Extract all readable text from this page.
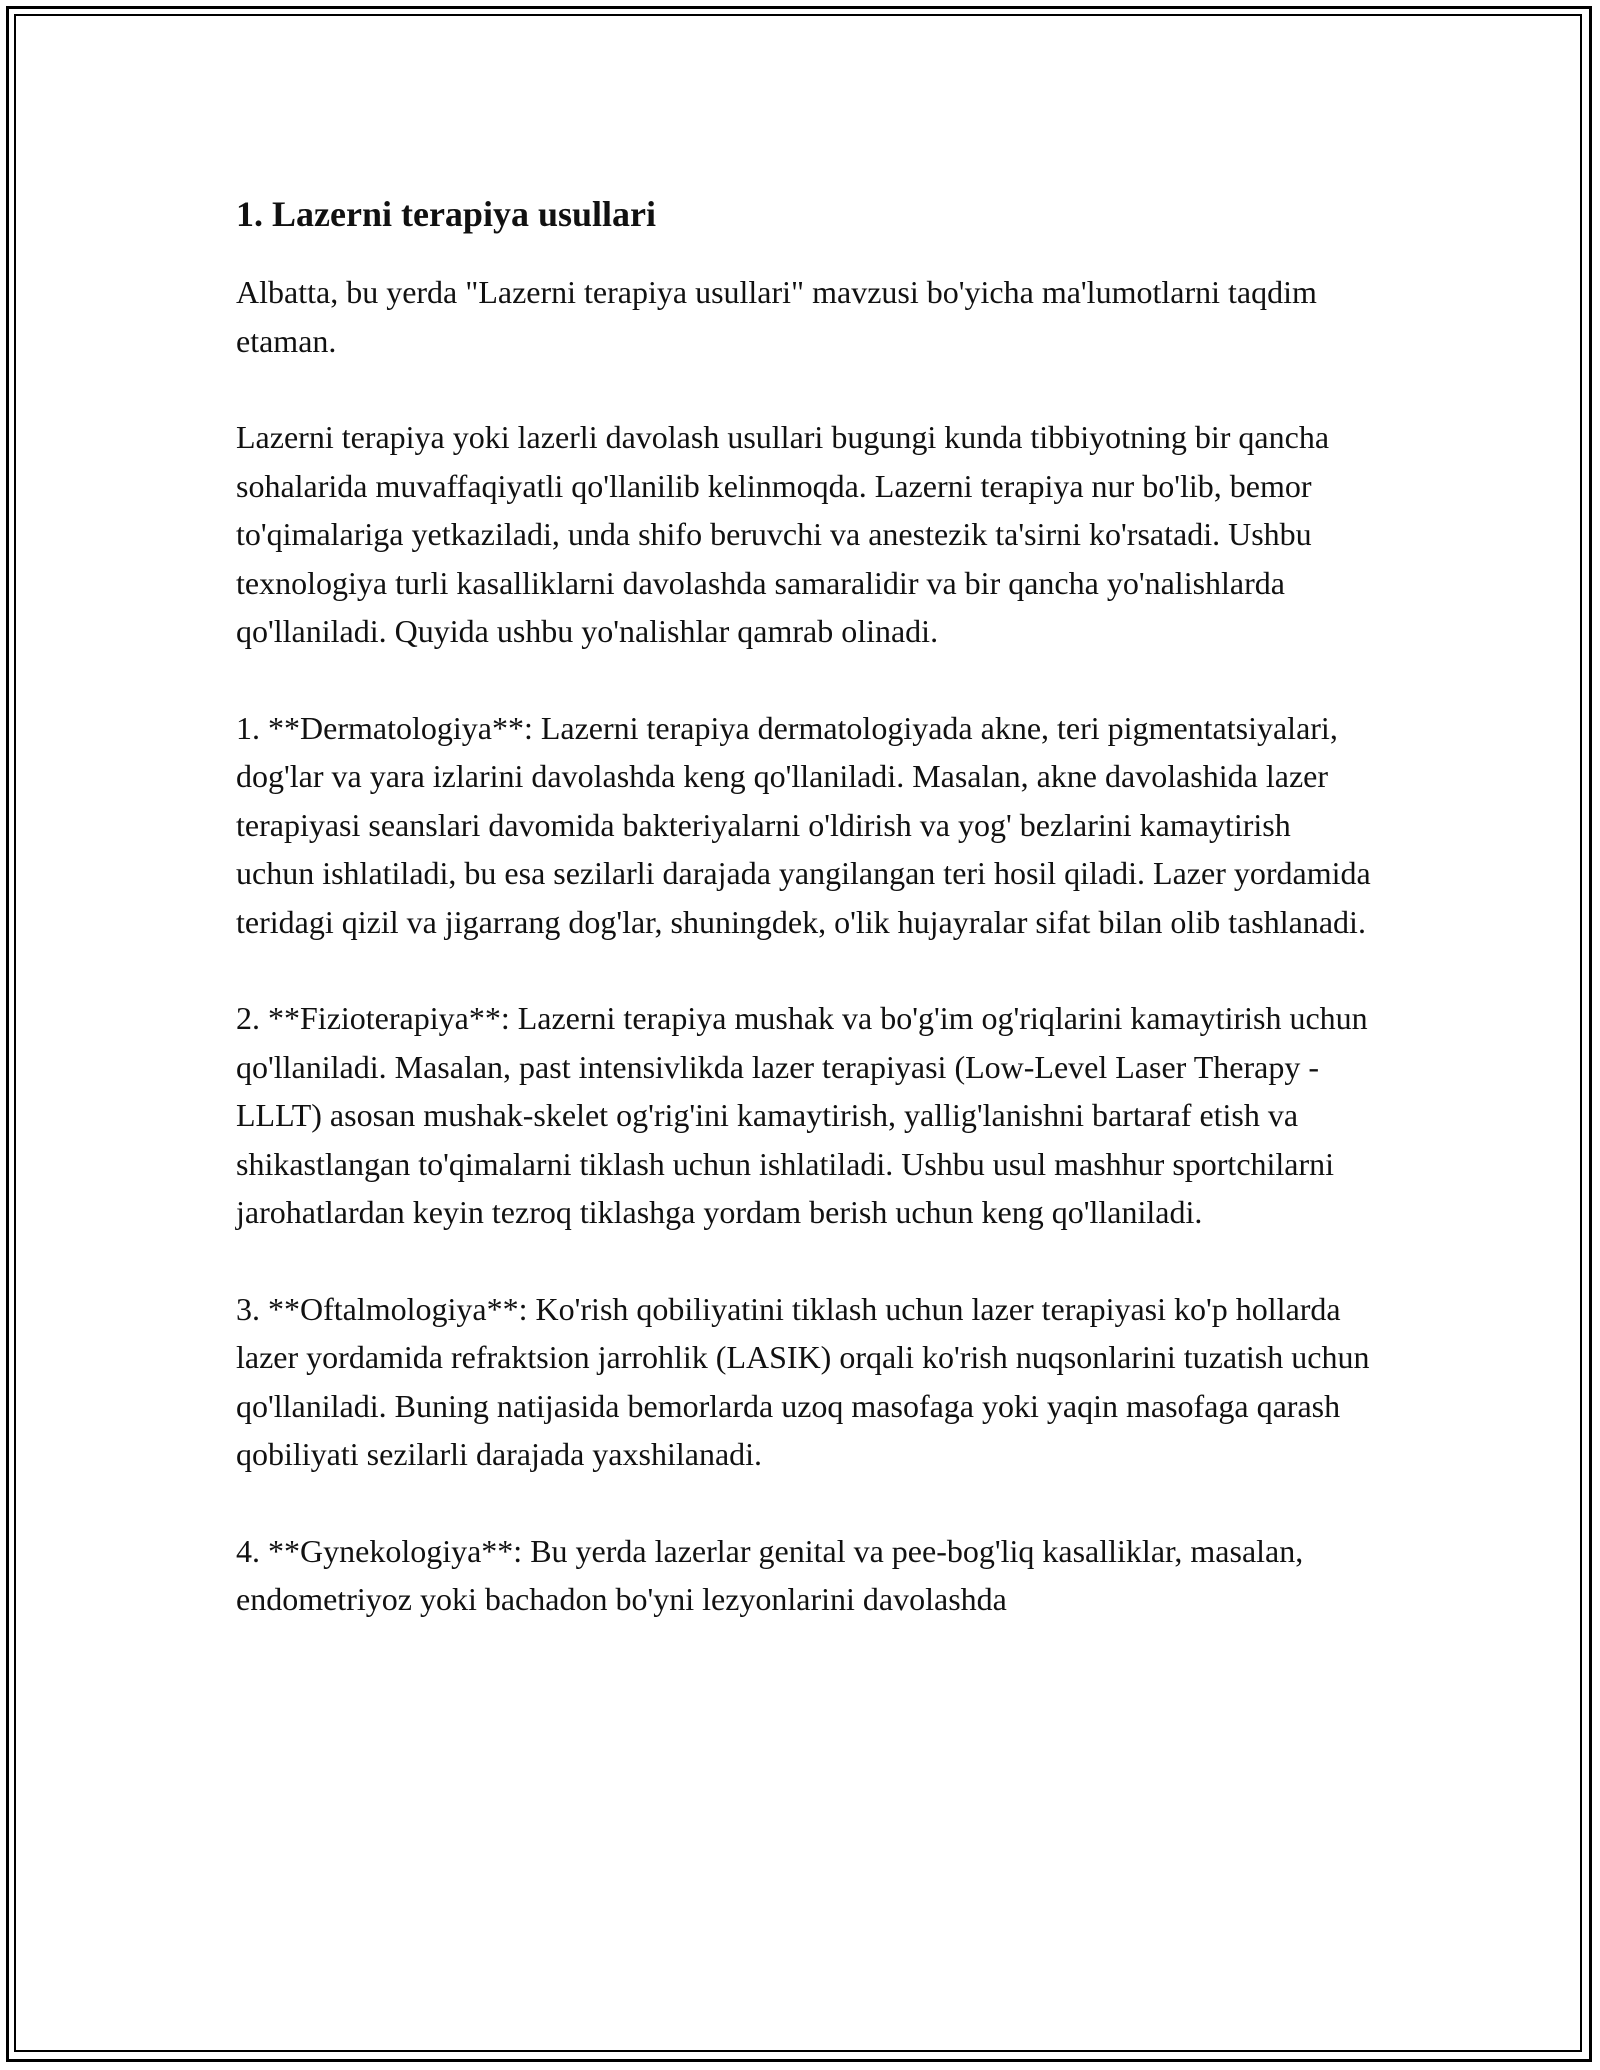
1. Lazerni terapiya usullari

Albatta, bu yerda "Lazerni terapiya usullari" mavzusi bo'yicha ma'lumotlarni taqdim etaman.

Lazerni terapiya yoki lazerli davolash usullari bugungi kunda tibbiyotning bir qancha sohalarida muvaffaqiyatli qo'llanilib kelinmoqda. Lazerni terapiya nur bo'lib, bemor to'qimalariga yetkaziladi, unda shifo beruvchi va anestezik ta'sirni ko'rsatadi. Ushbu texnologiya turli kasalliklarni davolashda samaralidir va bir qancha yo'nalishlarda qo'llaniladi. Quyida ushbu yo'nalishlar qamrab olinadi.

1. **Dermatologiya**: Lazerni terapiya dermatologiyada akne, teri pigmentatsiyalari, dog'lar va yara izlarini davolashda keng qo'llaniladi. Masalan, akne davolashida lazer terapiyasi seanslari davomida bakteriyalarni o'ldirish va yog' bezlarini kamaytirish uchun ishlatiladi, bu esa sezilarli darajada yangilangan teri hosil qiladi. Lazer yordamida teridagi qizil va jigarrang dog'lar, shuningdek, o'lik hujayralar sifat bilan olib tashlanadi.

2. **Fizioterapiya**: Lazerni terapiya mushak va bo'g'im og'riqlarini kamaytirish uchun qo'llaniladi. Masalan, past intensivlikda lazer terapiyasi (Low-Level Laser Therapy - LLLT) asosan mushak-skelet og'rig'ini kamaytirish, yallig'lanishni bartaraf etish va shikastlangan to'qimalarni tiklash uchun ishlatiladi. Ushbu usul mashhur sportchilarni jarohatlardan keyin tezroq tiklashga yordam berish uchun keng qo'llaniladi.

3. **Oftalmologiya**: Ko'rish qobiliyatini tiklash uchun lazer terapiyasi ko'p hollarda lazer yordamida refraktsion jarrohlik (LASIK) orqali ko'rish nuqsonlarini tuzatish uchun qo'llaniladi. Buning natijasida bemorlarda uzoq masofaga yoki yaqin masofaga qarash qobiliyati sezilarli darajada yaxshilanadi.

4. **Gynekologiya**: Bu yerda lazerlar genital va pee-bog'liq kasalliklar, masalan, endometriyoz yoki bachadon bo'yni lezyonlarini davolashda
